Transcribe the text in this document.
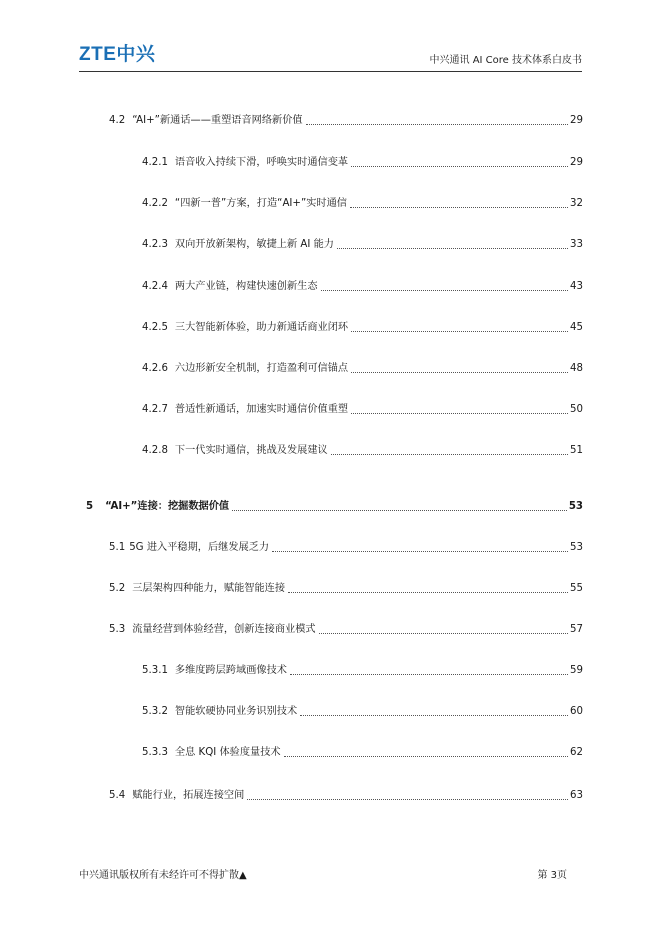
ZTE中兴	中兴通讯 AI Core 技术体系白皮书
4.2 “AI+”新通话——重塑语音网络新价值	29
4.2.1 语音收入持续下滑，呼唤实时通信变革	29
4.2.2 “四新一普”方案，打造“AI+”实时通信	32
4.2.3 双向开放新架构，敏捷上新 AI 能力	33
4.2.4 两大产业链，构建快速创新生态	43
4.2.5 三大智能新体验，助力新通话商业闭环	45
4.2.6 六边形新安全机制，打造盈利可信锚点	48
4.2.7 普适性新通话，加速实时通信价值重塑	50
4.2.8 下一代实时通信，挑战及发展建议	51
5 “AI+”连接：挖掘数据价值	53
5.1 5G 进入平稳期，后继发展乏力	53
5.2 三层架构四种能力，赋能智能连接	55
5.3 流量经营到体验经营，创新连接商业模式	57
5.3.1 多维度跨层跨域画像技术	59
5.3.2 智能软硬协同业务识别技术	60
5.3.3 全息 KQI 体验度量技术	62
5.4 赋能行业，拓展连接空间	63
中兴通讯版权所有未经许可不得扩散▲	第 3页
